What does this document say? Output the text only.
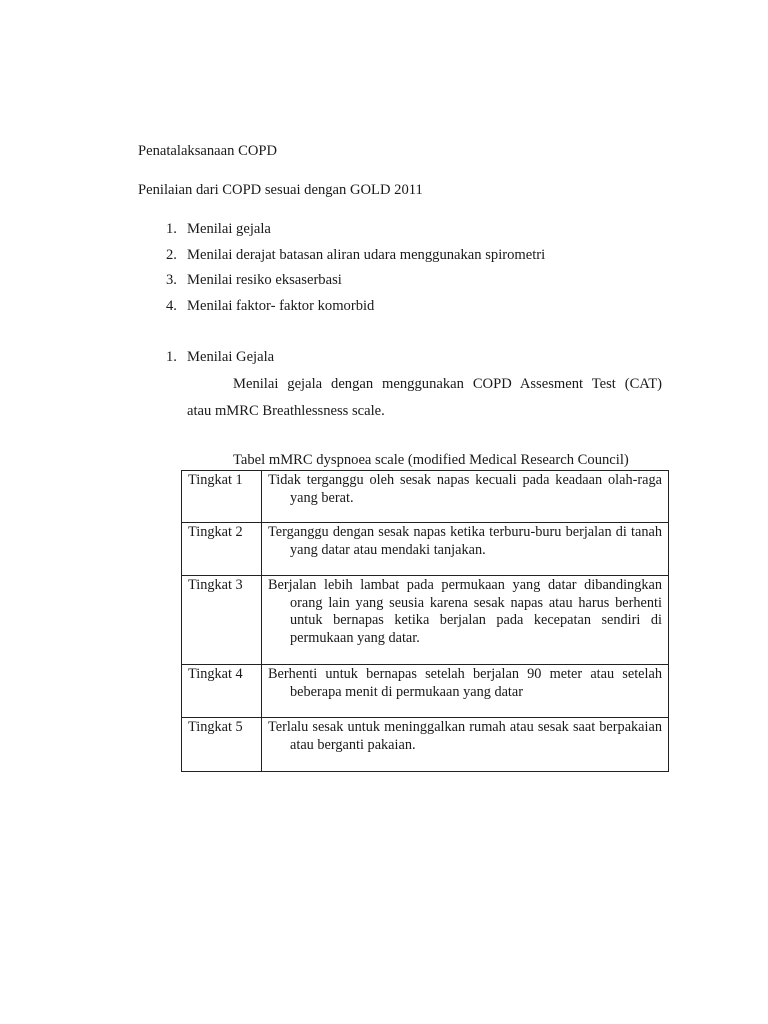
Penatalaksanaan COPD
Penilaian dari COPD sesuai dengan GOLD 2011
1. Menilai gejala
2. Menilai derajat batasan aliran udara menggunakan spirometri
3. Menilai resiko eksaserbasi
4. Menilai faktor- faktor komorbid
1. Menilai Gejala
Menilai gejala dengan menggunakan COPD Assesment Test (CAT)
atau mMRC Breathlessness scale.
Tabel mMRC dyspnoea scale (modified Medical Research Council)
Tingkat 1	Tidak terganggu oleh sesak napas kecuali pada keadaan olah-raga yang berat.
Tingkat 2	Terganggu dengan sesak napas ketika terburu-buru berjalan di tanah yang datar atau mendaki tanjakan.
Tingkat 3	Berjalan lebih lambat pada permukaan yang datar dibandingkan orang lain yang seusia karena sesak napas atau harus berhenti untuk bernapas ketika berjalan pada kecepatan sendiri di permukaan yang datar.
Tingkat 4	Berhenti untuk bernapas setelah berjalan 90 meter atau setelah beberapa menit di permukaan yang datar
Tingkat 5	Terlalu sesak untuk meninggalkan rumah atau sesak saat berpakaian atau berganti pakaian.
